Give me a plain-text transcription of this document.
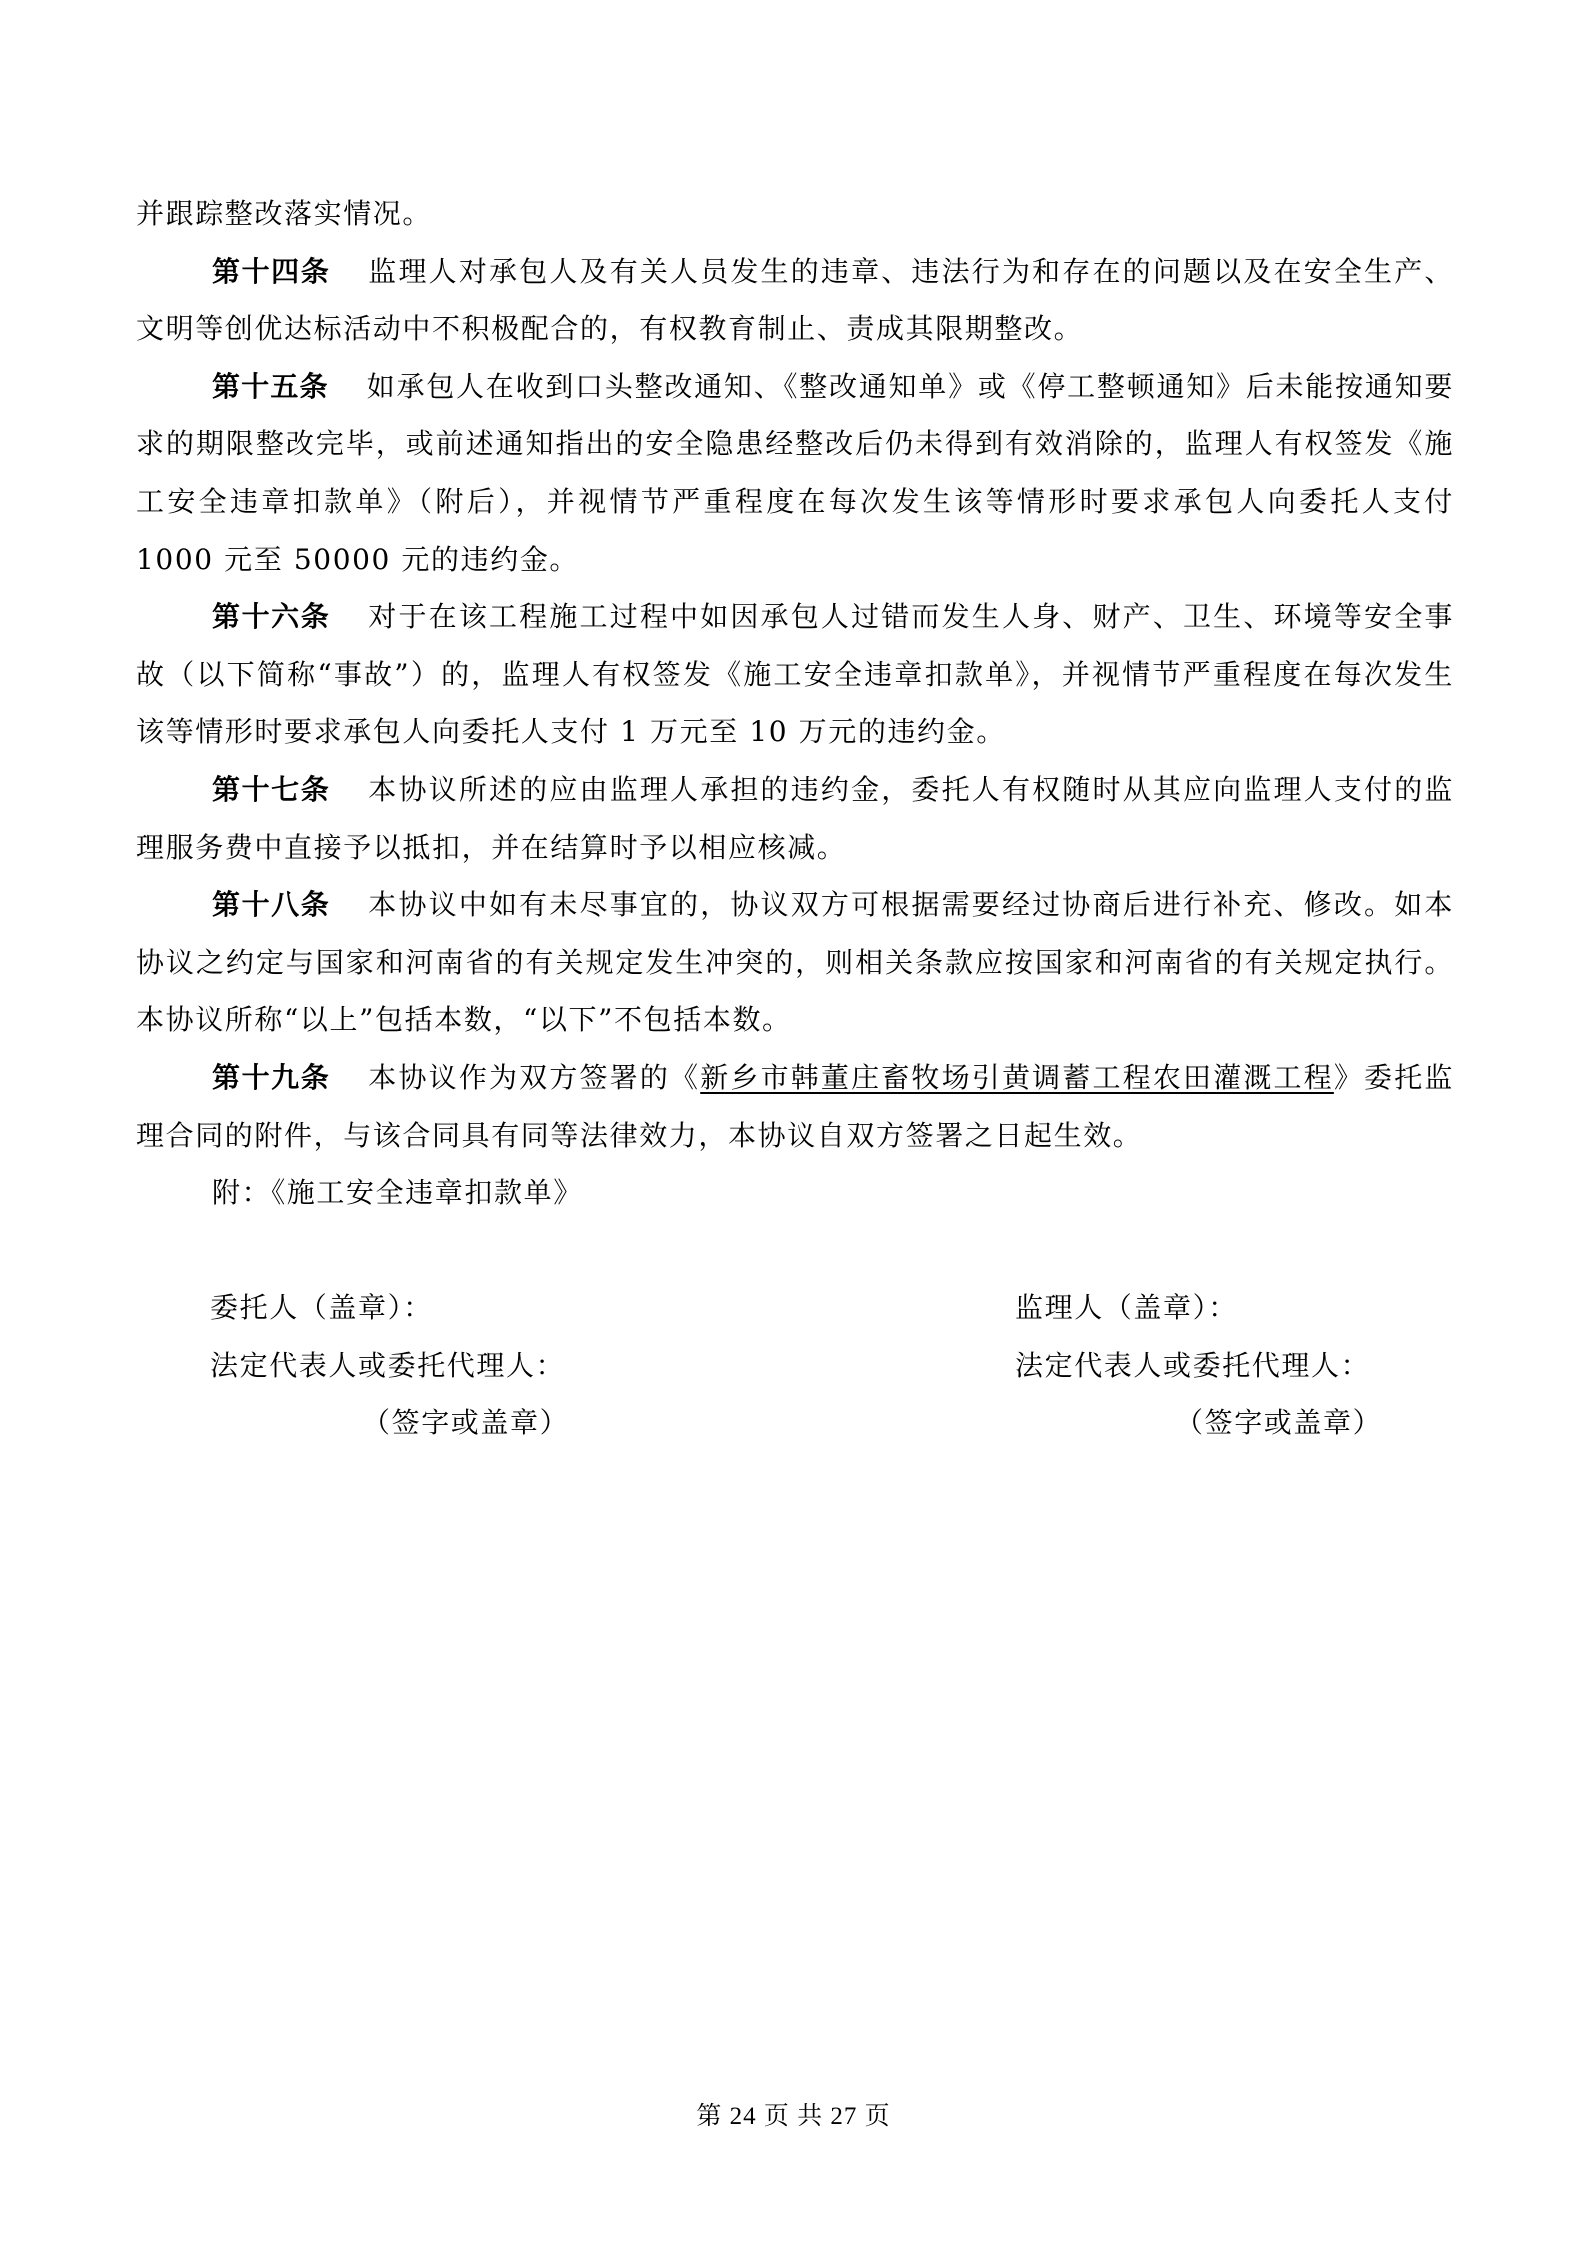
并跟踪整改落实情况。

第十四条 监理人对承包人及有关人员发生的违章、违法行为和存在的问题以及在安全生产、文明等创优达标活动中不积极配合的，有权教育制止、责成其限期整改。

第十五条 如承包人在收到口头整改通知、《整改通知单》或《停工整顿通知》后未能按通知要求的期限整改完毕，或前述通知指出的安全隐患经整改后仍未得到有效消除的，监理人有权签发《施工安全违章扣款单》（附后），并视情节严重程度在每次发生该等情形时要求承包人向委托人支付 1000 元至 50000 元的违约金。

第十六条 对于在该工程施工过程中如因承包人过错而发生人身、财产、卫生、环境等安全事故（以下简称“事故”）的，监理人有权签发《施工安全违章扣款单》，并视情节严重程度在每次发生该等情形时要求承包人向委托人支付 1 万元至 10 万元的违约金。

第十七条 本协议所述的应由监理人承担的违约金，委托人有权随时从其应向监理人支付的监理服务费中直接予以抵扣，并在结算时予以相应核减。

第十八条 本协议中如有未尽事宜的，协议双方可根据需要经过协商后进行补充、修改。如本协议之约定与国家和河南省的有关规定发生冲突的，则相关条款应按国家和河南省的有关规定执行。本协议所称“以上”包括本数，“以下”不包括本数。

第十九条 本协议作为双方签署的《新乡市韩董庄畜牧场引黄调蓄工程农田灌溉工程》委托监理合同的附件，与该合同具有同等法律效力，本协议自双方签署之日起生效。

附：《施工安全违章扣款单》

委托人（盖章）：
法定代表人或委托代理人：
（签字或盖章）
监理人（盖章）：
法定代表人或委托代理人：
（签字或盖章）
第 24 页 共 27 页
